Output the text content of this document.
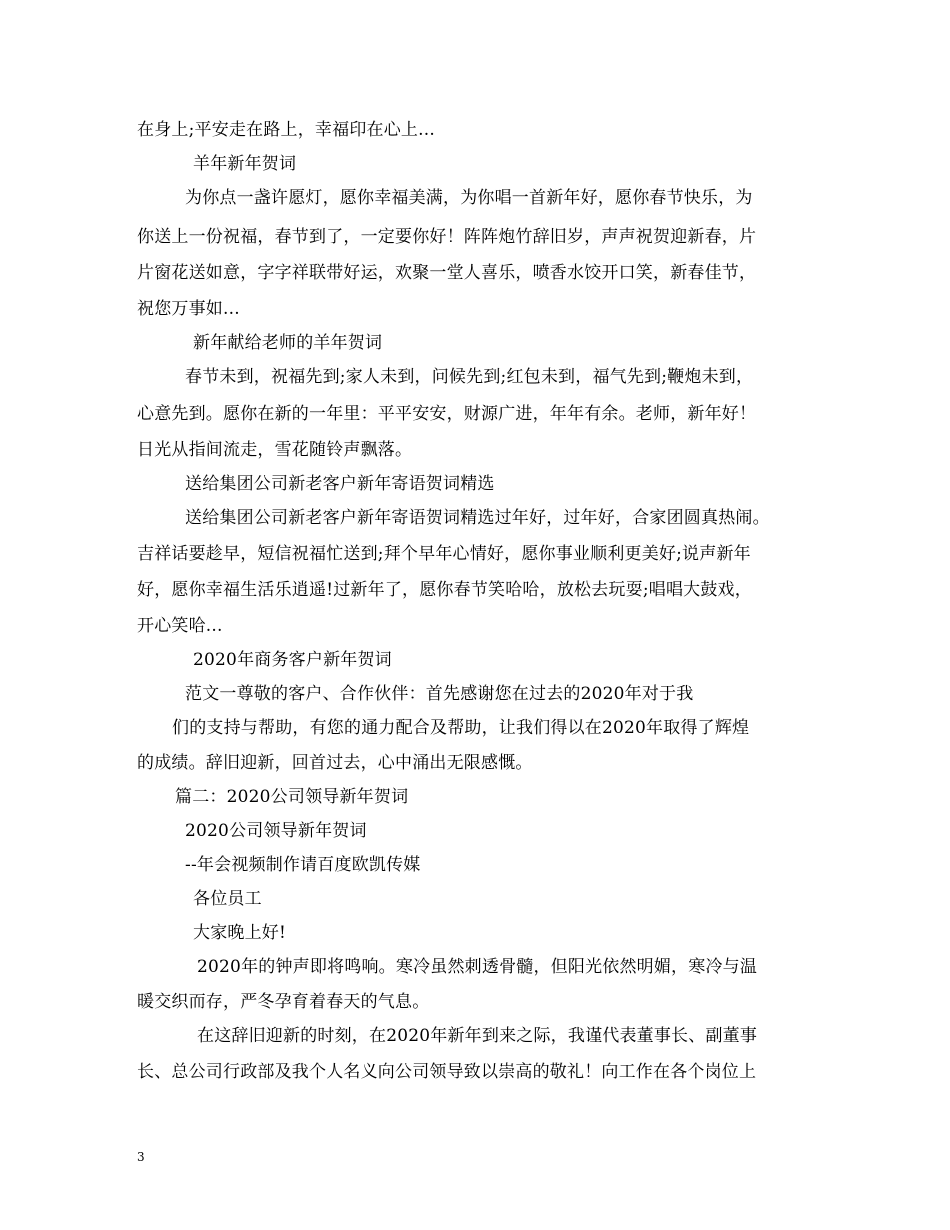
在身上;平安走在路上，幸福印在心上...
羊年新年贺词
为你点一盏许愿灯，愿你幸福美满，为你唱一首新年好，愿你春节快乐，为
你送上一份祝福，春节到了，一定要你好！阵阵炮竹辞旧岁，声声祝贺迎新春，片
片窗花送如意，字字祥联带好运，欢聚一堂人喜乐，喷香水饺开口笑，新春佳节，
祝您万事如...
新年献给老师的羊年贺词
春节未到，祝福先到;家人未到，问候先到;红包未到，福气先到;鞭炮未到，
心意先到。愿你在新的一年里：平平安安，财源广进，年年有余。老师，新年好！
日光从指间流走，雪花随铃声飘落。
送给集团公司新老客户新年寄语贺词精选
送给集团公司新老客户新年寄语贺词精选过年好，过年好，合家团圆真热闹。
吉祥话要趁早，短信祝福忙送到;拜个早年心情好，愿你事业顺利更美好;说声新年
好，愿你幸福生活乐逍遥!过新年了，愿你春节笑哈哈，放松去玩耍;唱唱大鼓戏，
开心笑哈...
2020年商务客户新年贺词
范文一尊敬的客户、合作伙伴：首先感谢您在过去的2020年对于我
们的支持与帮助，有您的通力配合及帮助，让我们得以在2020年取得了辉煌
的成绩。辞旧迎新，回首过去，心中涌出无限感慨。
篇二：2020公司领导新年贺词
2020公司领导新年贺词
--年会视频制作请百度欧凯传媒
各位员工
大家晚上好!
2020年的钟声即将鸣响。寒冷虽然刺透骨髓，但阳光依然明媚，寒冷与温
暖交织而存，严冬孕育着春天的气息。
在这辞旧迎新的时刻，在2020年新年到来之际，我谨代表董事长、副董事
长、总公司行政部及我个人名义向公司领导致以崇高的敬礼！向工作在各个岗位上
3
